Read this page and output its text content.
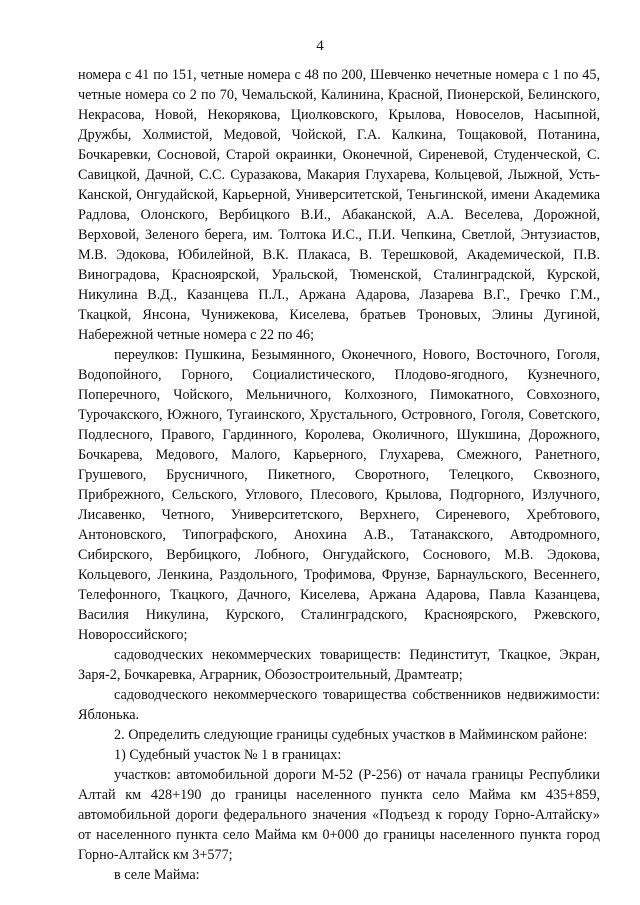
4

номера с 41 по 151, четные номера с 48 по 200, Шевченко нечетные номера с 1 по 45, четные номера со 2 по 70, Чемальской, Калинина, Красной, Пионерской, Белинского, Некрасова, Новой, Некорякова, Циолковского, Крылова, Новоселов, Насыпной, Дружбы, Холмистой, Медовой, Чойской, Г.А. Калкина, Тощаковой, Потанина, Бочкаревки, Сосновой, Старой окраинки, Оконечной, Сиреневой, Студенческой, С. Савицкой, Дачной, С.С. Суразакова, Макария Глухарева, Кольцевой, Лыжной, Усть-Канской, Онгудайской, Карьерной, Университетской, Теньгинской, имени Академика Радлова, Олонского, Вербицкого В.И., Абаканской, А.А. Веселева, Дорожной, Верховой, Зеленого берега, им. Толтока И.С., П.И. Чепкина, Светлой, Энтузиастов, М.В. Эдокова, Юбилейной, В.К. Плакаса, В. Терешковой, Академической, П.В. Виноградова, Красноярской, Уральской, Тюменской, Сталинградской, Курской, Никулина В.Д., Казанцева П.Л., Аржана Адарова, Лазарева В.Г., Гречко Г.М., Ткацкой, Янсона, Чунижекова, Киселева, братьев Троновых, Элины Дугиной, Набережной четные номера с 22 по 46;

переулков: Пушкина, Безымянного, Оконечного, Нового, Восточного, Гоголя, Водопойного, Горного, Социалистического, Плодово-ягодного, Кузнечного, Поперечного, Чойского, Мельничного, Колхозного, Пимокатного, Совхозного, Турочакского, Южного, Тугаинского, Хрустального, Островного, Гоголя, Советского, Подлесного, Правого, Гардинного, Королева, Околичного, Шукшина, Дорожного, Бочкарева, Медового, Малого, Карьерного, Глухарева, Смежного, Ранетного, Грушевого, Брусничного, Пикетного, Своротного, Телецкого, Сквозного, Прибрежного, Сельского, Углового, Плесового, Крылова, Подгорного, Излучного, Лисавенко, Четного, Университетского, Верхнего, Сиреневого, Хребтового, Антоновского, Типографского, Анохина А.В., Татанакского, Автодромного, Сибирского, Вербицкого, Лобного, Онгудайского, Соснового, М.В. Эдокова, Кольцевого, Ленкина, Раздольного, Трофимова, Фрунзе, Барнаульского, Весеннего, Телефонного, Ткацкого, Дачного, Киселева, Аржана Адарова, Павла Казанцева, Василия Никулина, Курского, Сталинградского, Красноярского, Ржевского, Новороссийского;

садоводческих некоммерческих товариществ: Пединститут, Ткацкое, Экран, Заря-2, Бочкаревка, Аграрник, Обозостроительный, Драмтеатр;

садоводческого некоммерческого товарищества собственников недвижимости: Яблонька.

2. Определить следующие границы судебных участков в Майминском районе:

1) Судебный участок № 1 в границах:

участков: автомобильной дороги М-52 (Р-256) от начала границы Республики Алтай км 428+190 до границы населенного пункта село Майма км 435+859, автомобильной дороги федерального значения «Подъезд к городу Горно-Алтайску» от населенного пункта село Майма км 0+000 до границы населенного пункта город Горно-Алтайск км 3+577;

в селе Майма:
